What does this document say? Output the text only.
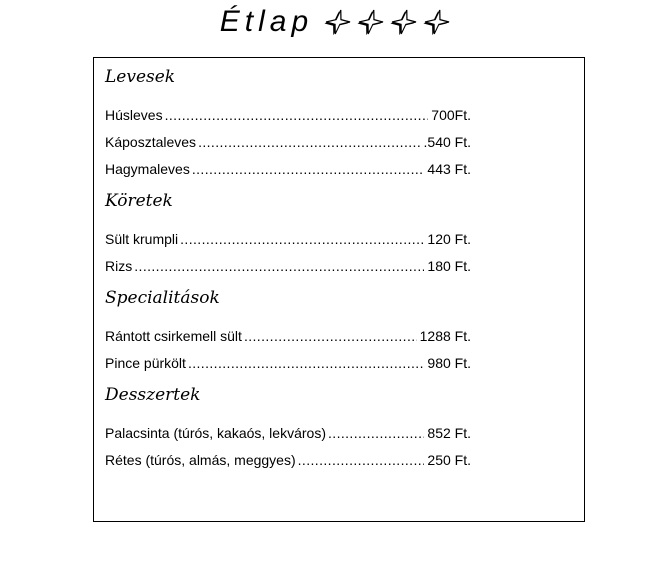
Étlap
Levesek
Húsleves .....	700Ft.
Káposztaleves .....	.540 Ft.
Hagymaleves .....	443 Ft.
Köretek
Sült krumpli .....	120 Ft.
Rizs .....	180 Ft.
Specialitások
Rántott csirkemell sült .....	1288 Ft.
Pince pürkölt .....	980 Ft.
Desszertek
Palacsinta (túrós, kakaós, lekváros) .....	852 Ft.
Rétes (túrós, almás, meggyes) .....	250 Ft.
